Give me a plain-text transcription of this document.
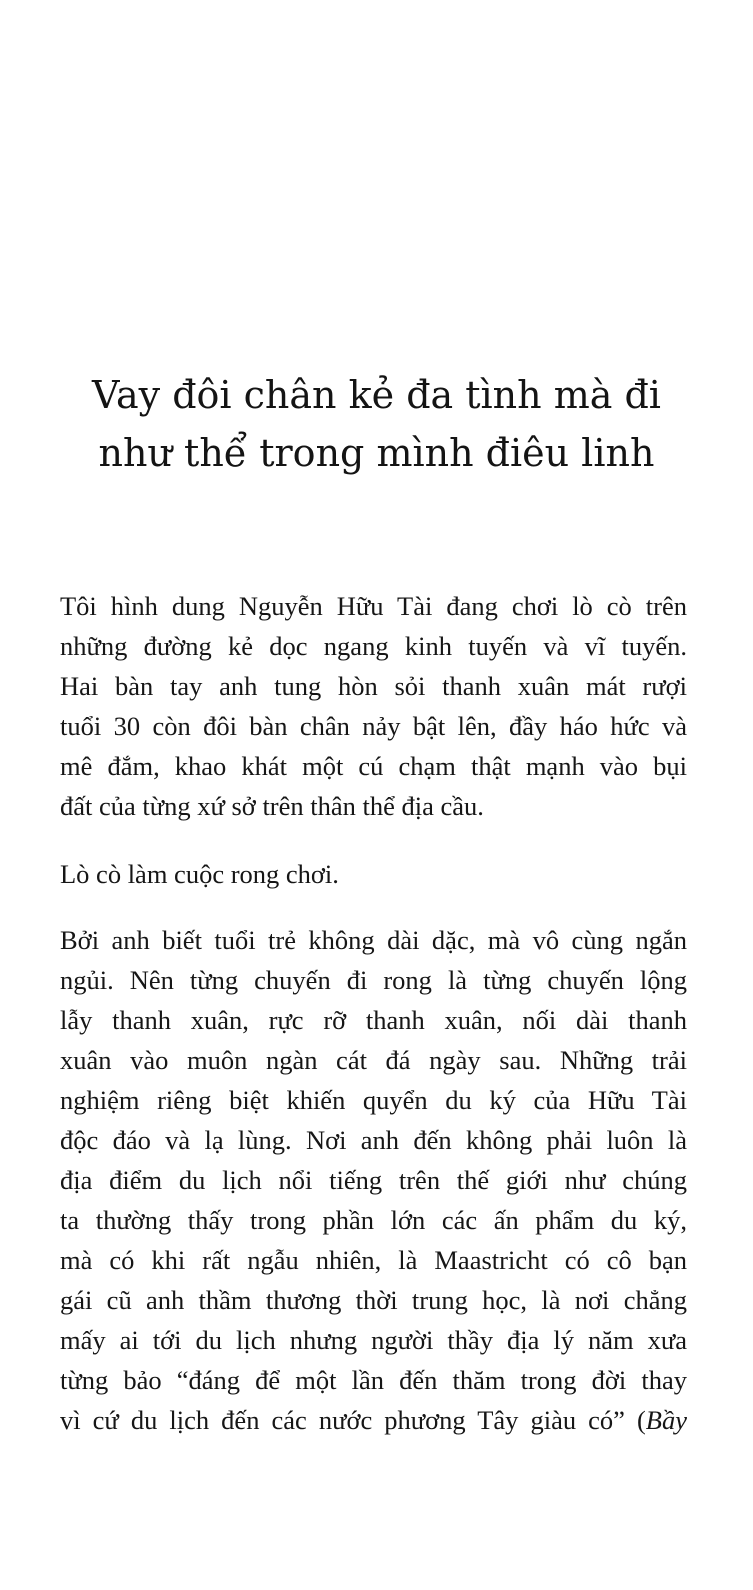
Vay đôi chân kẻ đa tình mà đi
như thể trong mình điêu linh
Tôi hình dung Nguyễn Hữu Tài đang chơi lò cò trên
những đường kẻ dọc ngang kinh tuyến và vĩ tuyến.
Hai bàn tay anh tung hòn sỏi thanh xuân mát rượi
tuổi 30 còn đôi bàn chân nảy bật lên, đầy háo hức và
mê đắm, khao khát một cú chạm thật mạnh vào bụi
đất của từng xứ sở trên thân thể địa cầu.
Lò cò làm cuộc rong chơi.
Bởi anh biết tuổi trẻ không dài dặc, mà vô cùng ngắn
ngủi. Nên từng chuyến đi rong là từng chuyến lộng
lẫy thanh xuân, rực rỡ thanh xuân, nối dài thanh
xuân vào muôn ngàn cát đá ngày sau. Những trải
nghiệm riêng biệt khiến quyển du ký của Hữu Tài
độc đáo và lạ lùng. Nơi anh đến không phải luôn là
địa điểm du lịch nổi tiếng trên thế giới như chúng
ta thường thấy trong phần lớn các ấn phẩm du ký,
mà có khi rất ngẫu nhiên, là Maastricht có cô bạn
gái cũ anh thầm thương thời trung học, là nơi chẳng
mấy ai tới du lịch nhưng người thầy địa lý năm xưa
từng bảo “đáng để một lần đến thăm trong đời thay
vì cứ du lịch đến các nước phương Tây giàu có” (Bầy
